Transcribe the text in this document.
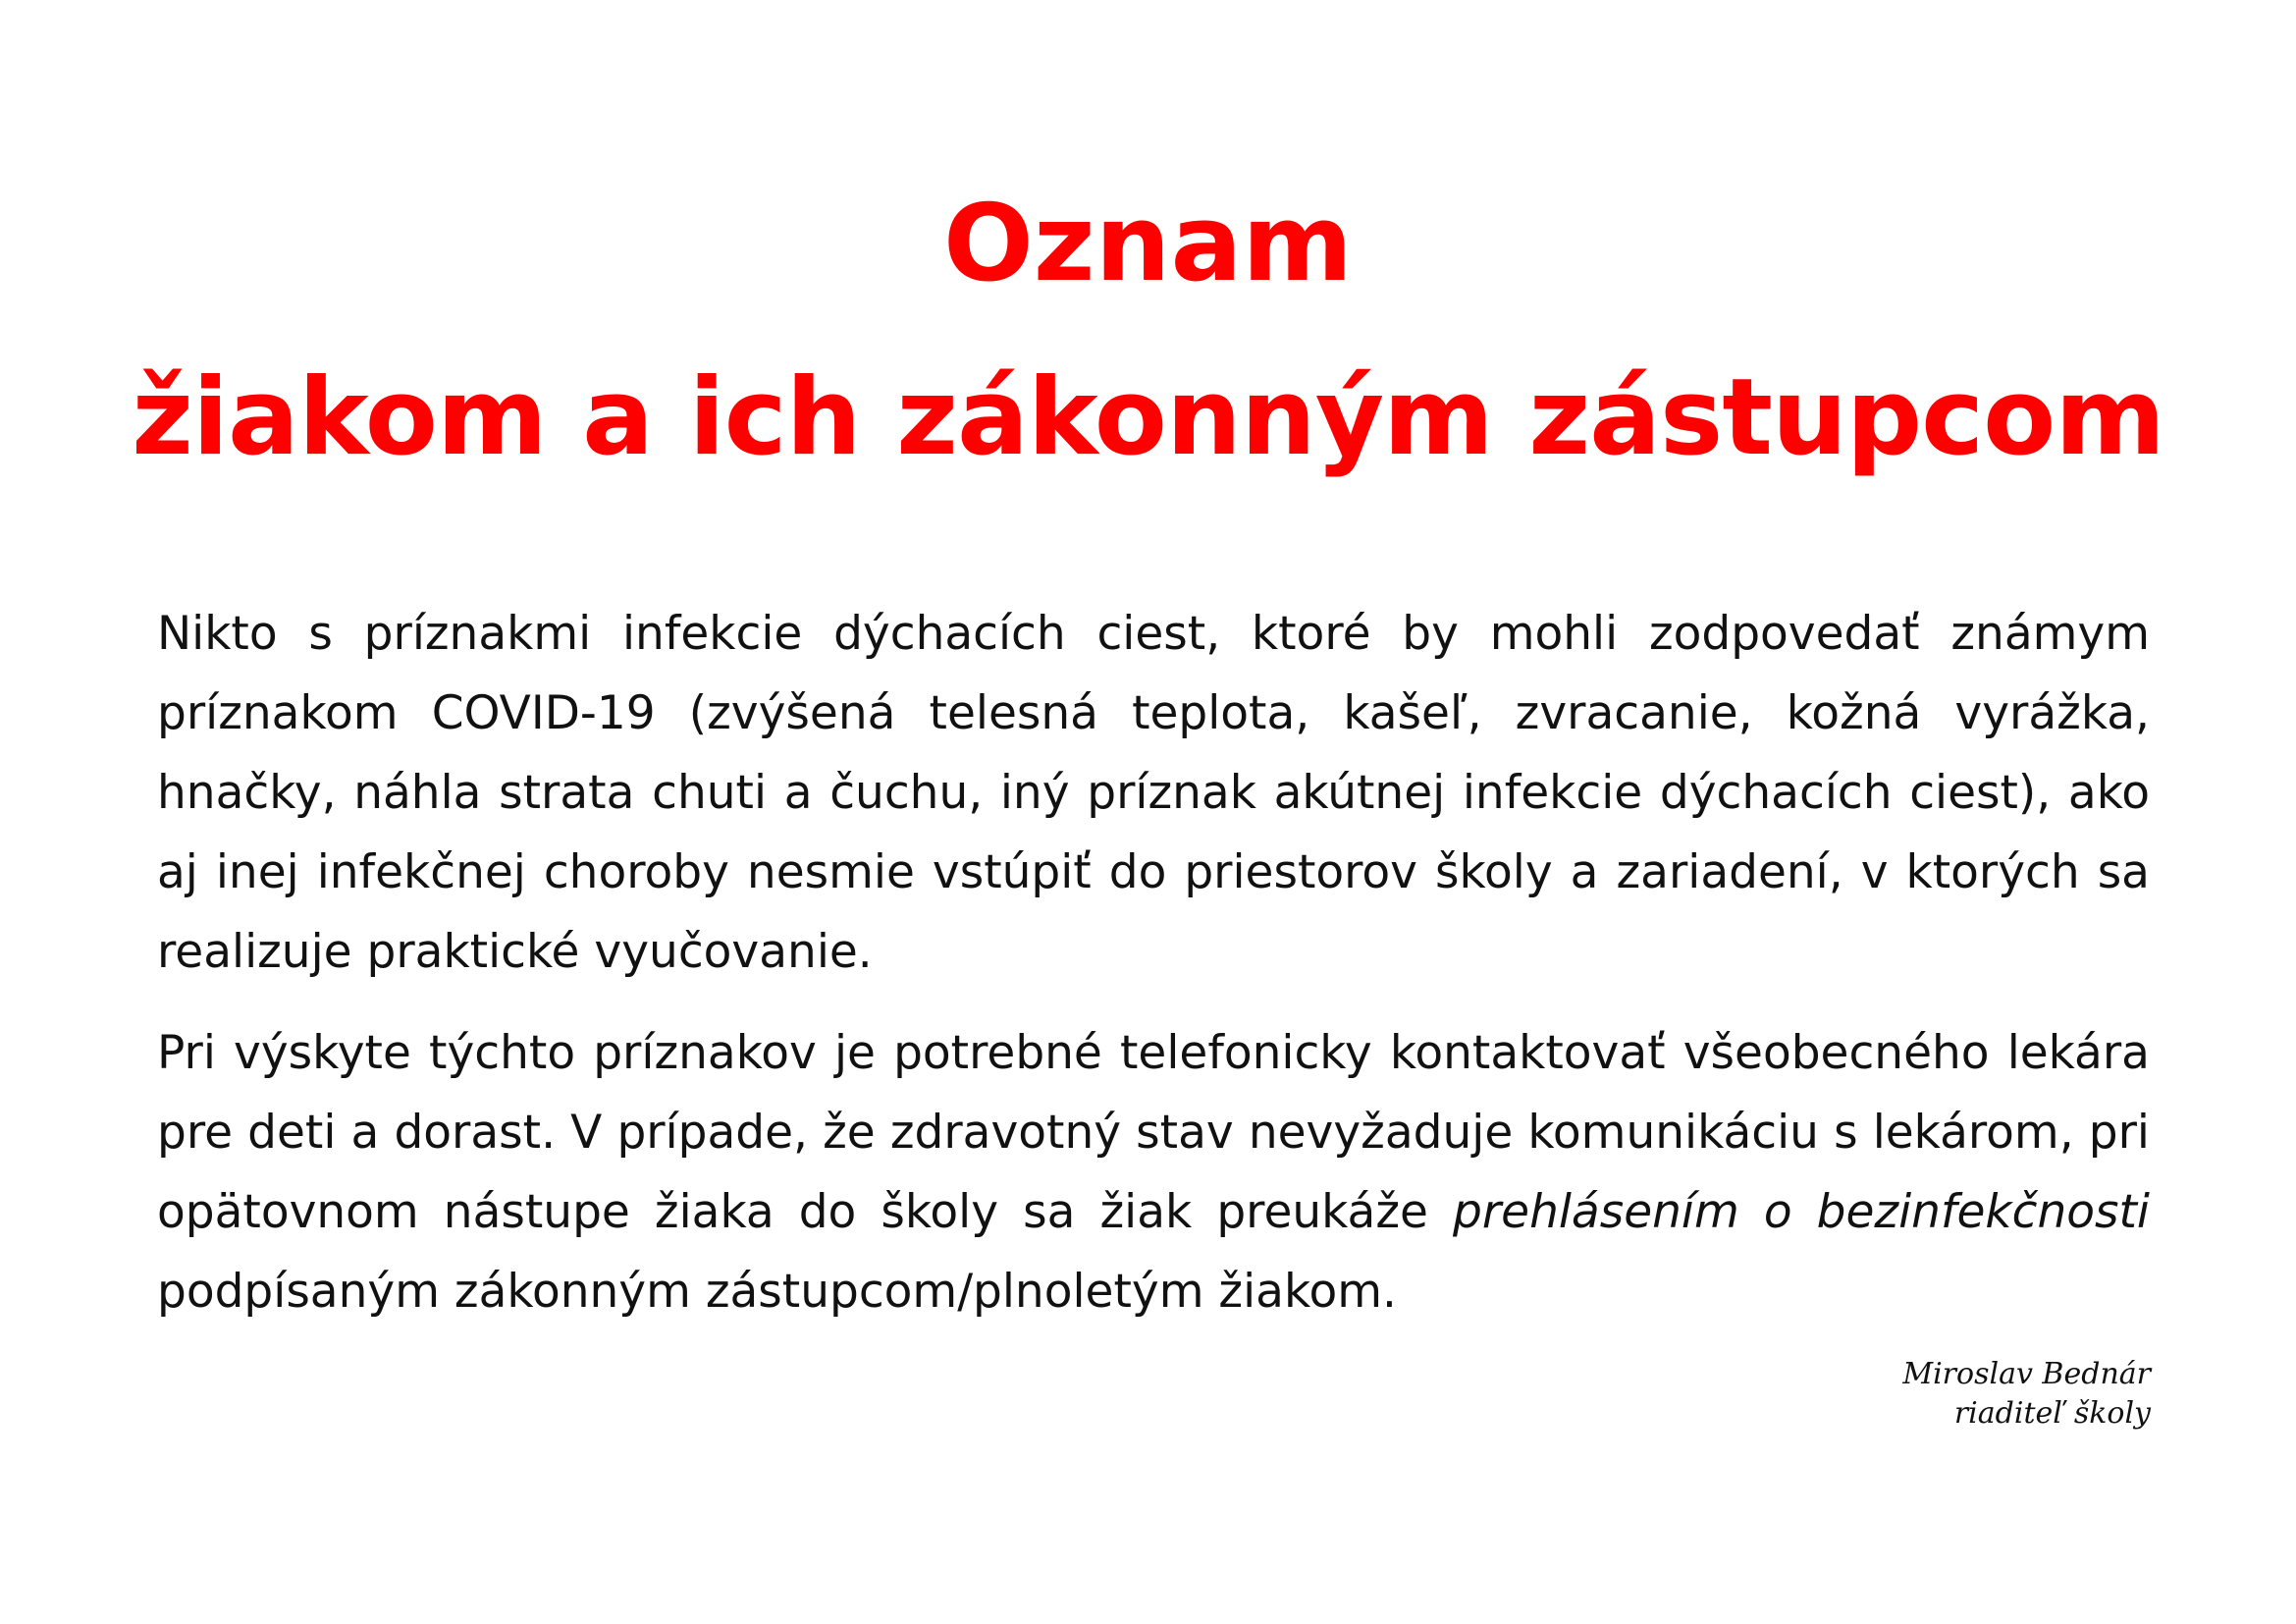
Oznam
žiakom a ich zákonným zástupcom

Nikto s príznakmi infekcie dýchacích ciest, ktoré by mohli zodpovedať známym príznakom COVID-19 (zvýšená telesná teplota, kašeľ, zvracanie, kožná vyrážka, hnačky, náhla strata chuti a čuchu, iný príznak akútnej infekcie dýchacích ciest), ako aj inej infekčnej choroby nesmie vstúpiť do priestorov školy a zariadení, v ktorých sa realizuje praktické vyučovanie.

Pri výskyte týchto príznakov je potrebné telefonicky kontaktovať všeobecného lekára pre deti a dorast. V prípade, že zdravotný stav nevyžaduje komunikáciu s lekárom, pri opätovnom nástupe žiaka do školy sa žiak preukáže prehlásením o bezinfekčnosti podpísaným zákonným zástupcom/plnoletým žiakom.

Miroslav Bednár
riaditeľ školy
